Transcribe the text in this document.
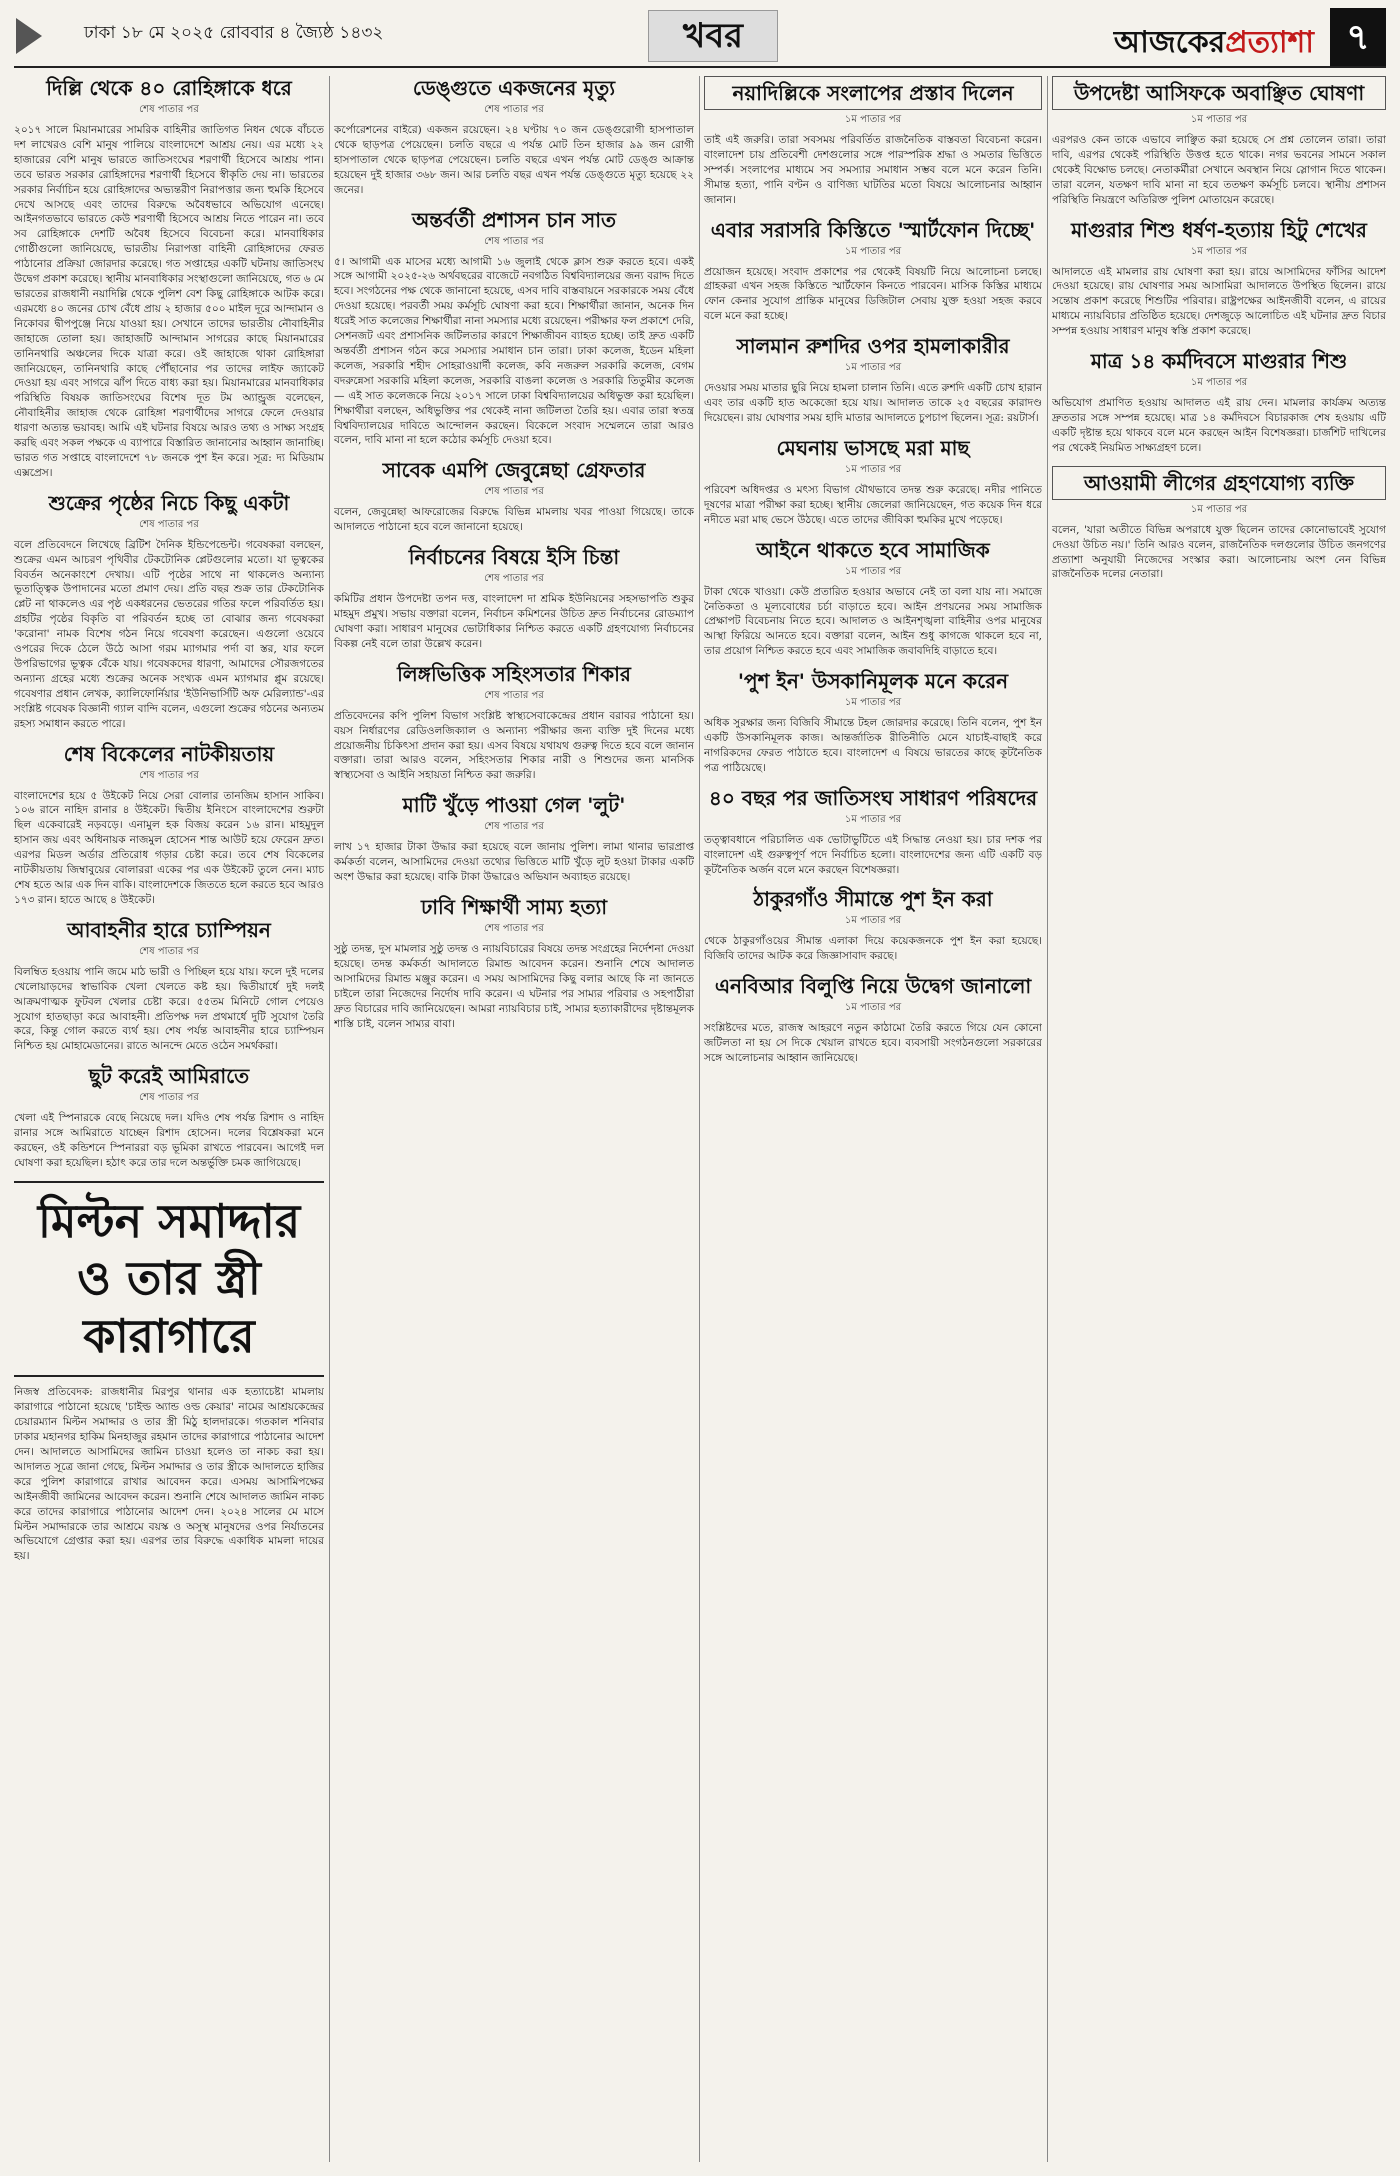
ঢাকা ১৮ মে ২০২৫ রোববার ৪ জ্যৈষ্ঠ ১৪৩২	খবর	আজকেরপ্রত্যাশা ৭
দিল্লি থেকে ৪০ রোহিঙ্গাকে ধরে
শেষ পাতার পর
২০১৭ সালে মিয়ানমারের সামরিক বাহিনীর জাতিগত নিধন থেকে বাঁচতে দশ লাখেরও বেশি মানুষ পালিয়ে বাংলাদেশে আশ্রয় নেয়। এর মধ্যে ২২ হাজারের বেশি মানুষ ভারতে জাতিসংঘের শরণার্থী হিসেবে আশ্রয় পান। তবে ভারত সরকার রোহিঙ্গাদের শরণার্থী হিসেবে স্বীকৃতি দেয় না। ভারতের সরকার নির্বাচিন হয়ে রোহিঙ্গাদের অভ্যন্তরীণ নিরাপত্তার জন্য হুমকি হিসেবে দেখে আসছে এবং তাদের বিরুদ্ধে অবৈধভাবে অভিযোগ এনেছে। আইনগতভাবে ভারতে কেউ শরণার্থী হিসেবে আশ্রয় নিতে পারেন না। তবে সব রোহিঙ্গাকে দেশটি অবৈধ হিসেবে বিবেচনা করে। মানবাধিকার গোষ্ঠীগুলো জানিয়েছে, ভারতীয় নিরাপত্তা বাহিনী রোহিঙ্গাদের ফেরত পাঠানোর প্রক্রিয়া জোরদার করেছে। গত সপ্তাহের একটি ঘটনায় জাতিসংঘ উদ্বেগ প্রকাশ করেছে। স্থানীয় মানবাধিকার সংস্থাগুলো জানিয়েছে, গত ৬ মে ভারতের রাজধানী নয়াদিল্লি থেকে পুলিশ বেশ কিছু রোহিঙ্গাকে আটক করে। এরমধ্যে ৪০ জনের চোখ বেঁধে প্রায় ২ হাজার ৫০০ মাইল দূরে আন্দামান ও নিকোবর দ্বীপপুঞ্জে নিয়ে যাওয়া হয়। সেখানে তাদের ভারতীয় নৌবাহিনীর জাহাজে তোলা হয়। জাহাজটি আন্দামান সাগরের কাছে মিয়ানমারের তানিনথারি অঞ্চলের দিকে যাত্রা করে। ওই জাহাজে থাকা রোহিঙ্গারা জানিয়েছেন, তানিনথারি কাছে পৌঁছানোর পর তাদের লাইফ জ্যাকেট দেওয়া হয় এবং সাগরে ঝাঁপ দিতে বাধ্য করা হয়। মিয়ানমারের মানবাধিকার পরিস্থিতি বিষয়ক জাতিসংঘের বিশেষ দূত টম অ্যান্ড্রুজ বলেছেন, নৌবাহিনীর জাহাজ থেকে রোহিঙ্গা শরণার্থীদের সাগরে ফেলে দেওয়ার ধারণা অত্যন্ত ভয়াবহ। আমি এই ঘটনার বিষয়ে আরও তথ্য ও সাক্ষ্য সংগ্রহ করছি এবং সকল পক্ষকে এ ব্যাপারে বিস্তারিত জানানোর আহ্বান জানাচ্ছি। ভারত গত সপ্তাহে বাংলাদেশে ৭৮ জনকে পুশ ইন করে। সূত্র: দ্য মিডিয়াম এক্সপ্রেস।
শুক্রের পৃষ্ঠের নিচে কিছু একটা
শেষ পাতার পর
বলে প্রতিবেদনে লিখেছে ব্রিটিশ দৈনিক ইন্ডিপেন্ডেন্ট। গবেষকরা বলছেন, শুক্রের এমন আচরণ পৃথিবীর টেকটোনিক প্লেটগুলোর মতো। যা ভূত্বকের বিবর্তন অনেকাংশে দেখায়। এটি পৃষ্ঠের সাথে না থাকলেও অন্যান্য ভূতাত্ত্বিক উপাদানের মতো প্রমাণ দেয়। প্রতি বছর শুক্র তার টেকটোনিক প্লেট না থাকলেও এর পৃষ্ঠ একধরনের ভেতরের গতির ফলে পরিবর্তিত হয়। গ্রহটির পৃষ্ঠের বিকৃতি বা পরিবর্তন হচ্ছে তা বোঝার জন্য গবেষকরা 'করোনা' নামক বিশেষ গঠন নিয়ে গবেষণা করেছেন। এগুলো ওয়েবে ওপরের দিকে ঠেলে উঠে আসা গরম ম্যাগমার পর্দা বা স্তর, যার ফলে উপরিভাগের ভূত্বক বেঁকে যায়। গবেষকদের ধারণা, আমাদের সৌরজগতের অন্যান্য গ্রহের মধ্যে শুক্রের অনেক সংখ্যক এমন ম্যাগমার প্লুম রয়েছে। গবেষণার প্রধান লেখক, ক্যালিফোর্নিয়ার 'ইউনিভার্সিটি অফ মেরিল্যান্ড'-এর সংশ্লিষ্ট গবেষক বিজ্ঞানী গ্যাল বান্দি বলেন, এগুলো শুক্রের গঠনের অন্যতম রহস্য সমাধান করতে পারে।
শেষ বিকেলের নাটকীয়তায়
শেষ পাতার পর
বাংলাদেশের হয়ে ৫ উইকেট নিয়ে সেরা বোলার তানজিম হাসান সাকিব। ১০৬ রানে নাহিদ রানার ৪ উইকেট। দ্বিতীয় ইনিংসে বাংলাদেশের শুরুটা ছিল একেবারেই নড়বড়ে। এনামুল হক বিজয় করেন ১৬ রান। মাহমুদুল হাসান জয় এবং অধিনায়ক নাজমুল হোসেন শান্ত আউট হয়ে ফেরেন দ্রুত। এরপর মিডল অর্ডার প্রতিরোধ গড়ার চেষ্টা করে। তবে শেষ বিকেলের নাটকীয়তায় জিম্বাবুয়ের বোলাররা একের পর এক উইকেট তুলে নেন। ম্যাচ শেষ হতে আর এক দিন বাকি। বাংলাদেশকে জিততে হলে করতে হবে আরও ১৭৩ রান। হাতে আছে ৪ উইকেট।
আবাহনীর হারে চ্যাম্পিয়ন
শেষ পাতার পর
বিলম্বিত হওয়ায় পানি জমে মাঠ ভারী ও পিচ্ছিল হয়ে যায়। ফলে দুই দলের খেলোয়াড়দের স্বাভাবিক খেলা খেলতে কষ্ট হয়। দ্বিতীয়ার্ধে দুই দলই আক্রমণাত্মক ফুটবল খেলার চেষ্টা করে। ৫৫তম মিনিটে গোল পেয়েও সুযোগ হাতছাড়া করে আবাহনী। প্রতিপক্ষ দল প্রথমার্ধে দুটি সুযোগ তৈরি করে, কিন্তু গোল করতে ব্যর্থ হয়। শেষ পর্যন্ত আবাহনীর হারে চ্যাম্পিয়ন নিশ্চিত হয় মোহামেডানের। রাতে আনন্দে মেতে ওঠেন সমর্থকরা।
ছুট করেই আমিরাতে
শেষ পাতার পর
খেলা এই স্পিনারকে বেছে নিয়েছে দল। যদিও শেষ পর্যন্ত রিশাদ ও নাহিদ রানার সঙ্গে আমিরাতে যাচ্ছেন রিশাদ হোসেন। দলের বিশ্লেষকরা মনে করছেন, ওই কন্ডিশনে স্পিনাররা বড় ভূমিকা রাখতে পারবেন। আগেই দল ঘোষণা করা হয়েছিল। হঠাৎ করে তার দলে অন্তর্ভুক্তি চমক জাগিয়েছে।
মিল্টন সমাদ্দার ও তার স্ত্রী কারাগারে
নিজস্ব প্রতিবেদক: রাজধানীর মিরপুর থানার এক হত্যাচেষ্টা মামলায় কারাগারে পাঠানো হয়েছে 'চাইল্ড অ্যান্ড ওল্ড কেয়ার' নামের আশ্রয়কেন্দ্রের চেয়ারম্যান মিল্টন সমাদ্দার ও তার স্ত্রী মিঠু হালদারকে। গতকাল শনিবার ঢাকার মহানগর হাকিম মিনহাজুর রহমান তাদের কারাগারে পাঠানোর আদেশ দেন। আদালতে আসামিদের জামিন চাওয়া হলেও তা নাকচ করা হয়। আদালত সূত্রে জানা গেছে, মিল্টন সমাদ্দার ও তার স্ত্রীকে আদালতে হাজির করে পুলিশ কারাগারে রাখার আবেদন করে। এসময় আসামিপক্ষের আইনজীবী জামিনের আবেদন করেন। শুনানি শেষে আদালত জামিন নাকচ করে তাদের কারাগারে পাঠানোর আদেশ দেন। ২০২৪ সালের মে মাসে মিল্টন সমাদ্দারকে তার আশ্রমে বয়স্ক ও অসুস্থ মানুষদের ওপর নির্যাতনের অভিযোগে গ্রেপ্তার করা হয়। এরপর তার বিরুদ্ধে একাধিক মামলা দায়ের হয়।
ডেঙ্গুতে একজনের মৃত্যু
শেষ পাতার পর
কর্পোরেশনের বাইরে) একজন রয়েছেন। ২৪ ঘণ্টায় ৭০ জন ডেঙ্গুরোগী হাসপাতাল থেকে ছাড়পত্র পেয়েছেন। চলতি বছরে এ পর্যন্ত মোট তিন হাজার ৯৯ জন রোগী হাসপাতাল থেকে ছাড়পত্র পেয়েছেন। চলতি বছরে এখন পর্যন্ত মোট ডেঙ্গু আক্রান্ত হয়েছেন দুই হাজার ৩৬৮ জন। আর চলতি বছর এখন পর্যন্ত ডেঙ্গুতে মৃত্যু হয়েছে ২২ জনের।
অন্তর্বর্তী প্রশাসন চান সাত
শেষ পাতার পর
৫। আগামী এক মাসের মধ্যে আগামী ১৬ জুলাই থেকে ক্লাস শুরু করতে হবে। একই সঙ্গে আগামী ২০২৫-২৬ অর্থবছরের বাজেটে নবগঠিত বিশ্ববিদ্যালয়ের জন্য বরাদ্দ দিতে হবে। সংগঠনের পক্ষ থেকে জানানো হয়েছে, এসব দাবি বাস্তবায়নে সরকারকে সময় বেঁধে দেওয়া হয়েছে। পরবর্তী সময় কর্মসূচি ঘোষণা করা হবে। শিক্ষার্থীরা জানান, অনেক দিন ধরেই সাত কলেজের শিক্ষার্থীরা নানা সমস্যার মধ্যে রয়েছেন। পরীক্ষার ফল প্রকাশে দেরি, সেশনজট এবং প্রশাসনিক জটিলতার কারণে শিক্ষাজীবন ব্যাহত হচ্ছে। তাই দ্রুত একটি অন্তর্বর্তী প্রশাসন গঠন করে সমস্যার সমাধান চান তারা। ঢাকা কলেজ, ইডেন মহিলা কলেজ, সরকারি শহীদ সোহরাওয়ার্দী কলেজ, কবি নজরুল সরকারি কলেজ, বেগম বদরুন্নেসা সরকারি মহিলা কলেজ, সরকারি বাঙলা কলেজ ও সরকারি তিতুমীর কলেজ — এই সাত কলেজকে নিয়ে ২০১৭ সালে ঢাকা বিশ্ববিদ্যালয়ের অধিভুক্ত করা হয়েছিল। শিক্ষার্থীরা বলছেন, অধিভুক্তির পর থেকেই নানা জটিলতা তৈরি হয়। এবার তারা স্বতন্ত্র বিশ্ববিদ্যালয়ের দাবিতে আন্দোলন করছেন। বিকেলে সংবাদ সম্মেলনে তারা আরও বলেন, দাবি মানা না হলে কঠোর কর্মসূচি দেওয়া হবে।
সাবেক এমপি জেবুন্নেছা গ্রেফতার
শেষ পাতার পর
বলেন, জেবুন্নেছা আফরোজের বিরুদ্ধে বিভিন্ন মামলায় খবর পাওয়া গিয়েছে। তাকে আদালতে পাঠানো হবে বলে জানানো হয়েছে।
নির্বাচনের বিষয়ে ইসি চিন্তা
শেষ পাতার পর
কমিটির প্রধান উপদেষ্টা তপন দত্ত, বাংলাদেশ দা শ্রমিক ইউনিয়নের সহসভাপতি শুকুর মাহমুদ প্রমুখ। সভায় বক্তারা বলেন, নির্বাচন কমিশনের উচিত দ্রুত নির্বাচনের রোডম্যাপ ঘোষণা করা। সাধারণ মানুষের ভোটাধিকার নিশ্চিত করতে একটি গ্রহণযোগ্য নির্বাচনের বিকল্প নেই বলে তারা উল্লেখ করেন।
লিঙ্গভিত্তিক সহিংসতার শিকার
শেষ পাতার পর
প্রতিবেদনের কপি পুলিশ বিভাগ সংশ্লিষ্ট স্বাস্থ্যসেবাকেন্দ্রের প্রধান বরাবর পাঠানো হয়। বয়স নির্ধারণের রেডিওলজিক্যাল ও অন্যান্য পরীক্ষার জন্য ব্যক্তি দুই দিনের মধ্যে প্রয়োজনীয় চিকিৎসা প্রদান করা হয়। এসব বিষয়ে যথাযথ গুরুত্ব দিতে হবে বলে জানান বক্তারা। তারা আরও বলেন, সহিংসতার শিকার নারী ও শিশুদের জন্য মানসিক স্বাস্থ্যসেবা ও আইনি সহায়তা নিশ্চিত করা জরুরি।
মাটি খুঁড়ে পাওয়া গেল 'লুট'
শেষ পাতার পর
লাখ ১৭ হাজার টাকা উদ্ধার করা হয়েছে বলে জানায় পুলিশ। লামা থানার ভারপ্রাপ্ত কর্মকর্তা বলেন, আসামিদের দেওয়া তথ্যের ভিত্তিতে মাটি খুঁড়ে লুট হওয়া টাকার একটি অংশ উদ্ধার করা হয়েছে। বাকি টাকা উদ্ধারেও অভিযান অব্যাহত রয়েছে।
ঢাবি শিক্ষার্থী সাম্য হত্যা
শেষ পাতার পর
সুষ্ঠু তদন্ত, দুস মামলার সুষ্ঠু তদন্ত ও ন্যায়বিচারের বিষয়ে তদন্ত সংগ্রহের নির্দেশনা দেওয়া হয়েছে। তদন্ত কর্মকর্তা আদালতে রিমান্ড আবেদন করেন। শুনানি শেষে আদালত আসামিদের রিমান্ড মঞ্জুর করেন। এ সময় আসামিদের কিছু বলার আছে কি না জানতে চাইলে তারা নিজেদের নির্দোষ দাবি করেন। এ ঘটনার পর সাম্যর পরিবার ও সহপাঠীরা দ্রুত বিচারের দাবি জানিয়েছেন। আমরা ন্যায়বিচার চাই, সাম্যর হত্যাকারীদের দৃষ্টান্তমূলক শাস্তি চাই, বলেন সাম্যর বাবা।
নয়াদিল্লিকে সংলাপের প্রস্তাব দিলেন
১ম পাতার পর
তাই এই জরুরি। তারা সবসময় পরিবর্তিত রাজনৈতিক বাস্তবতা বিবেচনা করেন। বাংলাদেশ চায় প্রতিবেশী দেশগুলোর সঙ্গে পারস্পরিক শ্রদ্ধা ও সমতার ভিত্তিতে সম্পর্ক। সংলাপের মাধ্যমে সব সমস্যার সমাধান সম্ভব বলে মনে করেন তিনি। সীমান্ত হত্যা, পানি বণ্টন ও বাণিজ্য ঘাটতির মতো বিষয়ে আলোচনার আহ্বান জানান।
এবার সরাসরি কিস্তিতে 'স্মার্টফোন দিচ্ছে'
১ম পাতার পর
প্রয়োজন হয়েছে। সংবাদ প্রকাশের পর থেকেই বিষয়টি নিয়ে আলোচনা চলছে। গ্রাহকরা এখন সহজ কিস্তিতে স্মার্টফোন কিনতে পারবেন। মাসিক কিস্তির মাধ্যমে ফোন কেনার সুযোগ প্রান্তিক মানুষের ডিজিটাল সেবায় যুক্ত হওয়া সহজ করবে বলে মনে করা হচ্ছে।
সালমান রুশদির ওপর হামলাকারীর
১ম পাতার পর
দেওয়ার সময় মাতার ছুরি নিয়ে হামলা চালান তিনি। এতে রুশদি একটি চোখ হারান এবং তার একটি হাত অকেজো হয়ে যায়। আদালত তাকে ২৫ বছরের কারাদণ্ড দিয়েছেন। রায় ঘোষণার সময় হাদি মাতার আদালতে চুপচাপ ছিলেন। সূত্র: রয়টার্স।
মেঘনায় ভাসছে মরা মাছ
১ম পাতার পর
পরিবেশ অধিদপ্তর ও মৎস্য বিভাগ যৌথভাবে তদন্ত শুরু করেছে। নদীর পানিতে দূষণের মাত্রা পরীক্ষা করা হচ্ছে। স্থানীয় জেলেরা জানিয়েছেন, গত কয়েক দিন ধরে নদীতে মরা মাছ ভেসে উঠছে। এতে তাদের জীবিকা হুমকির মুখে পড়েছে।
আইনে থাকতে হবে সামাজিক
১ম পাতার পর
টাকা থেকে খাওয়া। কেউ প্রতারিত হওয়ার অভাবে নেই তা বলা যায় না। সমাজে নৈতিকতা ও মূল্যবোধের চর্চা বাড়াতে হবে। আইন প্রণয়নের সময় সামাজিক প্রেক্ষাপট বিবেচনায় নিতে হবে। আদালত ও আইনশৃঙ্খলা বাহিনীর ওপর মানুষের আস্থা ফিরিয়ে আনতে হবে। বক্তারা বলেন, আইন শুধু কাগজে থাকলে হবে না, তার প্রয়োগ নিশ্চিত করতে হবে এবং সামাজিক জবাবদিহি বাড়াতে হবে।
'পুশ ইন' উসকানিমূলক মনে করেন
১ম পাতার পর
অধিক সুরক্ষার জন্য বিজিবি সীমান্তে টহল জোরদার করেছে। তিনি বলেন, পুশ ইন একটি উসকানিমূলক কাজ। আন্তর্জাতিক রীতিনীতি মেনে যাচাই-বাছাই করে নাগরিকদের ফেরত পাঠাতে হবে। বাংলাদেশ এ বিষয়ে ভারতের কাছে কূটনৈতিক পত্র পাঠিয়েছে।
৪০ বছর পর জাতিসংঘ সাধারণ পরিষদের
১ম পাতার পর
তত্ত্বাবধানে পরিচালিত এক ভোটাভুটিতে এই সিদ্ধান্ত নেওয়া হয়। চার দশক পর বাংলাদেশ এই গুরুত্বপূর্ণ পদে নির্বাচিত হলো। বাংলাদেশের জন্য এটি একটি বড় কূটনৈতিক অর্জন বলে মনে করছেন বিশেষজ্ঞরা।
ঠাকুরগাঁও সীমান্তে পুশ ইন করা
১ম পাতার পর
থেকে ঠাকুরগাঁওয়ের সীমান্ত এলাকা দিয়ে কয়েকজনকে পুশ ইন করা হয়েছে। বিজিবি তাদের আটক করে জিজ্ঞাসাবাদ করছে।
এনবিআর বিলুপ্তি নিয়ে উদ্বেগ জানালো
১ম পাতার পর
সংশ্লিষ্টদের মতে, রাজস্ব আহরণে নতুন কাঠামো তৈরি করতে গিয়ে যেন কোনো জটিলতা না হয় সে দিকে খেয়াল রাখতে হবে। ব্যবসায়ী সংগঠনগুলো সরকারের সঙ্গে আলোচনার আহ্বান জানিয়েছে।
উপদেষ্টা আসিফকে অবাঞ্ছিত ঘোষণা
১ম পাতার পর
এরপরও কেন তাকে এভাবে লাঞ্ছিত করা হয়েছে সে প্রশ্ন তোলেন তারা। তারা দাবি, এরপর থেকেই পরিস্থিতি উত্তপ্ত হতে থাকে। নগর ভবনের সামনে সকাল থেকেই বিক্ষোভ চলছে। নেতাকর্মীরা সেখানে অবস্থান নিয়ে স্লোগান দিতে থাকেন। তারা বলেন, যতক্ষণ দাবি মানা না হবে ততক্ষণ কর্মসূচি চলবে। স্থানীয় প্রশাসন পরিস্থিতি নিয়ন্ত্রণে অতিরিক্ত পুলিশ মোতায়েন করেছে।
মাগুরার শিশু ধর্ষণ-হত্যায় হিটু শেখের
১ম পাতার পর
আদালতে এই মামলার রায় ঘোষণা করা হয়। রায়ে আসামিদের ফাঁসির আদেশ দেওয়া হয়েছে। রায় ঘোষণার সময় আসামিরা আদালতে উপস্থিত ছিলেন। রায়ে সন্তোষ প্রকাশ করেছে শিশুটির পরিবার। রাষ্ট্রপক্ষের আইনজীবী বলেন, এ রায়ের মাধ্যমে ন্যায়বিচার প্রতিষ্ঠিত হয়েছে। দেশজুড়ে আলোচিত এই ঘটনার দ্রুত বিচার সম্পন্ন হওয়ায় সাধারণ মানুষ স্বস্তি প্রকাশ করেছে।
মাত্র ১৪ কর্মদিবসে মাগুরার শিশু
১ম পাতার পর
অভিযোগ প্রমাণিত হওয়ায় আদালত এই রায় দেন। মামলার কার্যক্রম অত্যন্ত দ্রুততার সঙ্গে সম্পন্ন হয়েছে। মাত্র ১৪ কর্মদিবসে বিচারকাজ শেষ হওয়ায় এটি একটি দৃষ্টান্ত হয়ে থাকবে বলে মনে করছেন আইন বিশেষজ্ঞরা। চার্জশিট দাখিলের পর থেকেই নিয়মিত সাক্ষ্যগ্রহণ চলে।
আওয়ামী লীগের গ্রহণযোগ্য ব্যক্তি
১ম পাতার পর
বলেন, 'যারা অতীতে বিভিন্ন অপরাধে যুক্ত ছিলেন তাদের কোনোভাবেই সুযোগ দেওয়া উচিত নয়।' তিনি আরও বলেন, রাজনৈতিক দলগুলোর উচিত জনগণের প্রত্যাশা অনুযায়ী নিজেদের সংস্কার করা। আলোচনায় অংশ নেন বিভিন্ন রাজনৈতিক দলের নেতারা।
